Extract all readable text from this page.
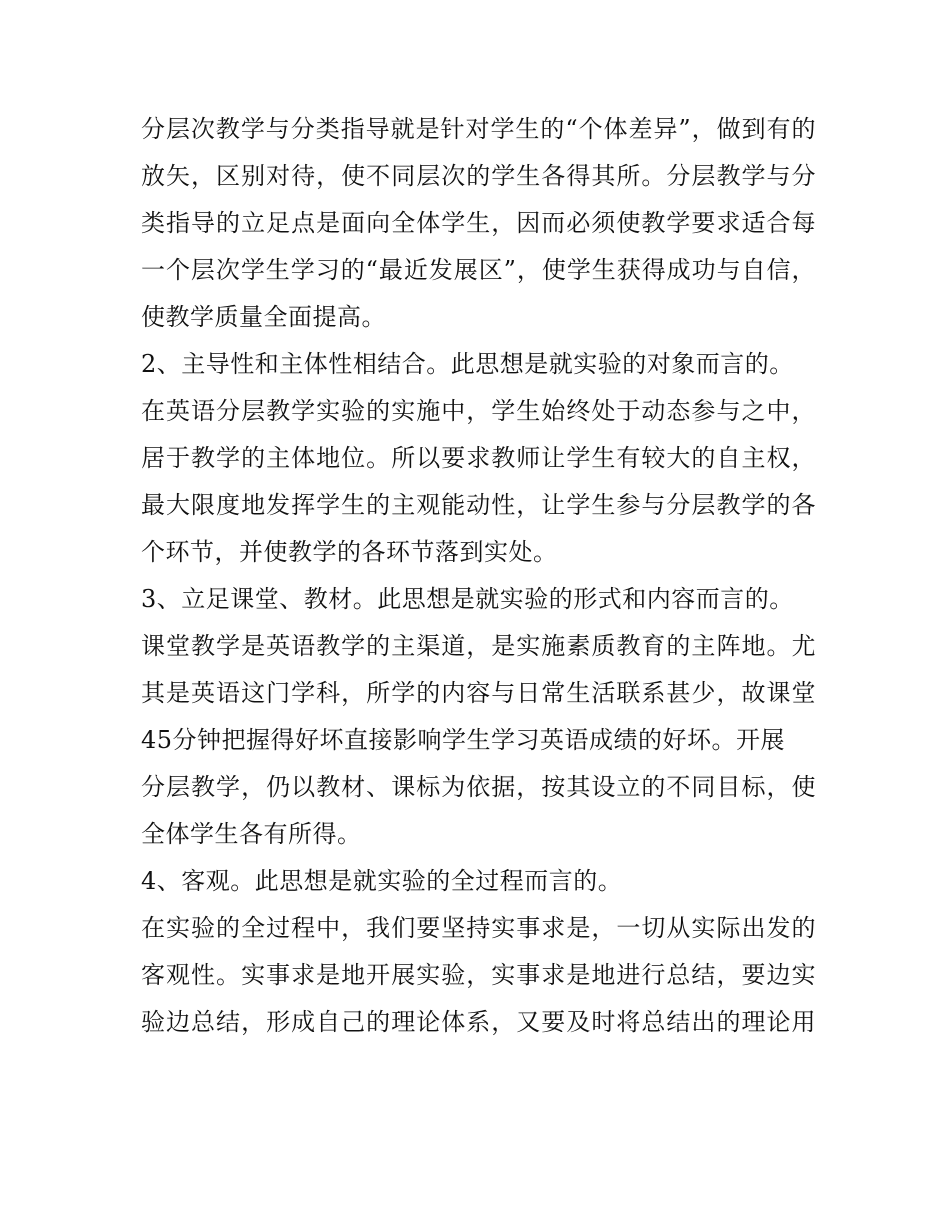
分层次教学与分类指导就是针对学生的“个体差异”，做到有的
放矢，区别对待，使不同层次的学生各得其所。分层教学与分
类指导的立足点是面向全体学生，因而必须使教学要求适合每
一个层次学生学习的“最近发展区”，使学生获得成功与自信，
使教学质量全面提高。
2、主导性和主体性相结合。此思想是就实验的对象而言的。
在英语分层教学实验的实施中，学生始终处于动态参与之中，
居于教学的主体地位。所以要求教师让学生有较大的自主权，
最大限度地发挥学生的主观能动性，让学生参与分层教学的各
个环节，并使教学的各环节落到实处。
3、立足课堂、教材。此思想是就实验的形式和内容而言的。
课堂教学是英语教学的主渠道，是实施素质教育的主阵地。尤
其是英语这门学科，所学的内容与日常生活联系甚少，故课堂
45分钟把握得好坏直接影响学生学习英语成绩的好坏。开展
分层教学，仍以教材、课标为依据，按其设立的不同目标，使
全体学生各有所得。
4、客观。此思想是就实验的全过程而言的。
在实验的全过程中，我们要坚持实事求是，一切从实际出发的
客观性。实事求是地开展实验，实事求是地进行总结，要边实
验边总结，形成自己的理论体系，又要及时将总结出的理论用
